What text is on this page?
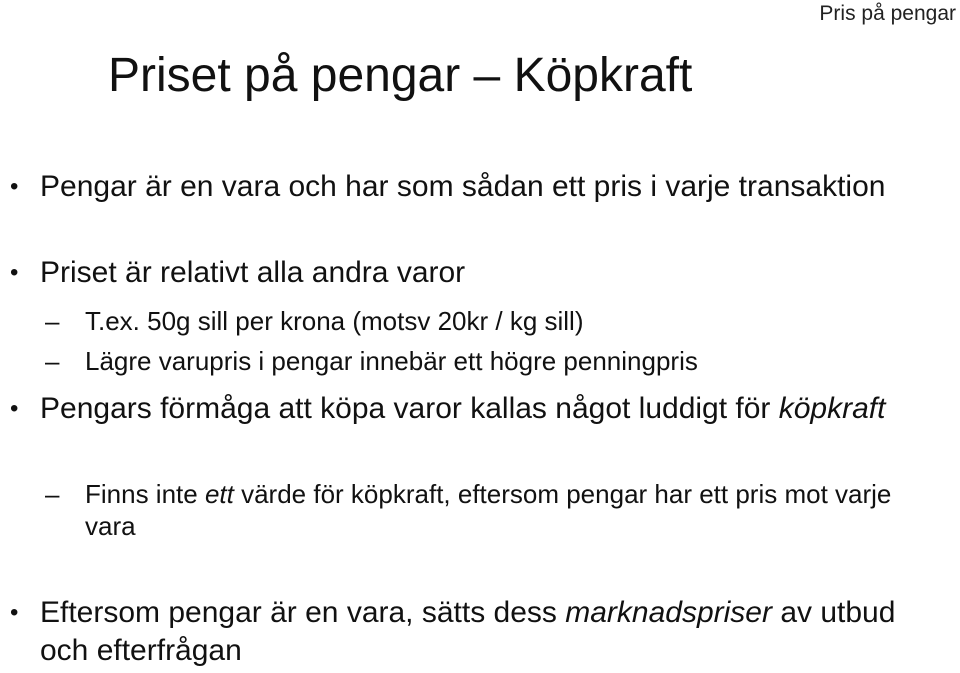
Pris på pengar
Priset på pengar – Köpkraft
• Pengar är en vara och har som sådan ett pris i varje transaktion
• Priset är relativt alla andra varor
– T.ex. 50g sill per krona (motsv 20kr / kg sill)
– Lägre varupris i pengar innebär ett högre penningpris
• Pengars förmåga att köpa varor kallas något luddigt för köpkraft
– Finns inte ett värde för köpkraft, eftersom pengar har ett pris mot varje vara
• Eftersom pengar är en vara, sätts dess marknadspriser av utbud och efterfrågan
